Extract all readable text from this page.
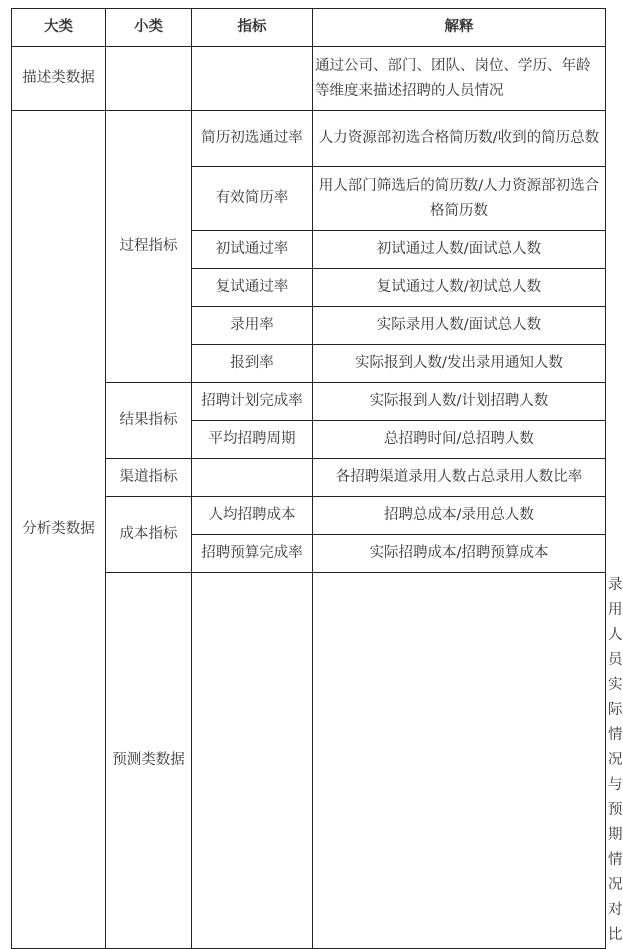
大类	小类	指标	解释	
描述类数据			通过公司、部门、团队、岗位、学历、年龄等维度来描述招聘的人员情况	
分析类数据	过程指标	简历初选通过率	人力资源部初选合格简历数/收到的简历总数	
		有效简历率	用人部门筛选后的简历数/人力资源部初选合格简历数	
		初试通过率	初试通过人数/面试总人数	
		复试通过率	复试通过人数/初试总人数	
		录用率	实际录用人数/面试总人数	
		报到率	实际报到人数/发出录用通知人数	
	结果指标	招聘计划完成率	实际报到人数/计划招聘人数	
		平均招聘周期	总招聘时间/总招聘人数	
	渠道指标		各招聘渠道录用人数占总录用人数比率	
	成本指标	人均招聘成本	招聘总成本/录用总人数	
		招聘预算完成率	实际招聘成本/招聘预算成本	
	预测类数据			录用人员实际情况与预期情况对比
